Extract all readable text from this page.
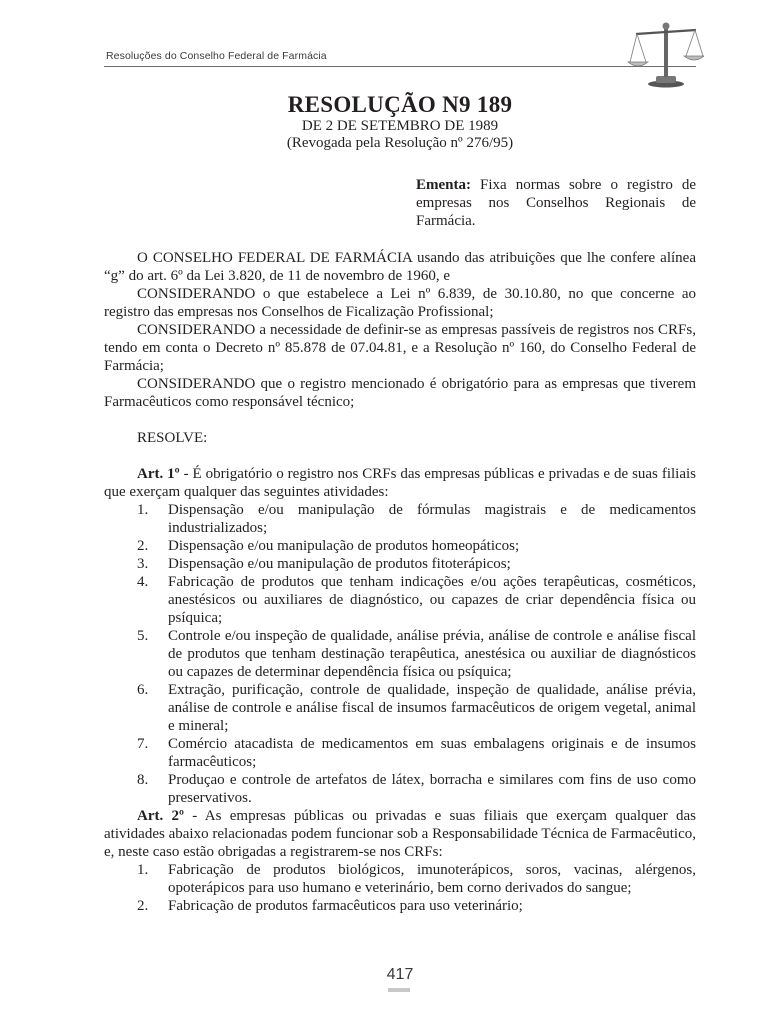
Resoluções do Conselho Federal de Farmácia
RESOLUÇÃO N9 189
DE 2 DE SETEMBRO DE 1989
(Revogada pela Resolução nº 276/95)
Ementa: Fixa normas sobre o registro de empresas nos Conselhos Regionais de Farmácia.

O CONSELHO FEDERAL DE FARMÁCIA usando das atribuições que lhe confere alínea “g” do art. 6º da Lei 3.820, de 11 de novembro de 1960, e

CONSIDERANDO o que estabelece a Lei nº 6.839, de 30.10.80, no que concerne ao registro das empresas nos Conselhos de Ficalização Profissional;

CONSIDERANDO a necessidade de definir-se as empresas passíveis de registros nos CRFs, tendo em conta o Decreto nº 85.878 de 07.04.81, e a Resolução nº 160, do Conselho Federal de Farmácia;

CONSIDERANDO que o registro mencionado é obrigatório para as empresas que tiverem Farmacêuticos como responsável técnico;

RESOLVE:

Art. 1º - É obrigatório o registro nos CRFs das empresas públicas e privadas e de suas filiais que exerçam qualquer das seguintes atividades:

1. Dispensação e/ou manipulação de fórmulas magistrais e de medicamentos industrializados;
2. Dispensação e/ou manipulação de produtos homeopáticos;
3. Dispensação e/ou manipulação de produtos fitoterápicos;
4. Fabricação de produtos que tenham indicações e/ou ações terapêuticas, cosméticos, anestésicos ou auxiliares de diagnóstico, ou capazes de criar dependência física ou psíquica;
5. Controle e/ou inspeção de qualidade, análise prévia, análise de controle e análise fiscal de produtos que tenham destinação terapêutica, anestésica ou auxiliar de diagnósticos ou capazes de determinar dependência física ou psíquica;
6. Extração, purificação, controle de qualidade, inspeção de qualidade, análise prévia, análise de controle e análise fiscal de insumos farmacêuticos de origem vegetal, animal e mineral;
7. Comércio atacadista de medicamentos em suas embalagens originais e de insumos farmacêuticos;
8. Produçao e controle de artefatos de látex, borracha e similares com fins de uso como preservativos.

Art. 2º - As empresas públicas ou privadas e suas filiais que exerçam qualquer das atividades abaixo relacionadas podem funcionar sob a Responsabilidade Técnica de Farmacêutico, e, neste caso estão obrigadas a registrarem-se nos CRFs:

1. Fabricação de produtos biológicos, imunoterápicos, soros, vacinas, alérgenos, opoterápicos para uso humano e veterinário, bem corno derivados do sangue;
2. Fabricação de produtos farmacêuticos para uso veterinário;
417
